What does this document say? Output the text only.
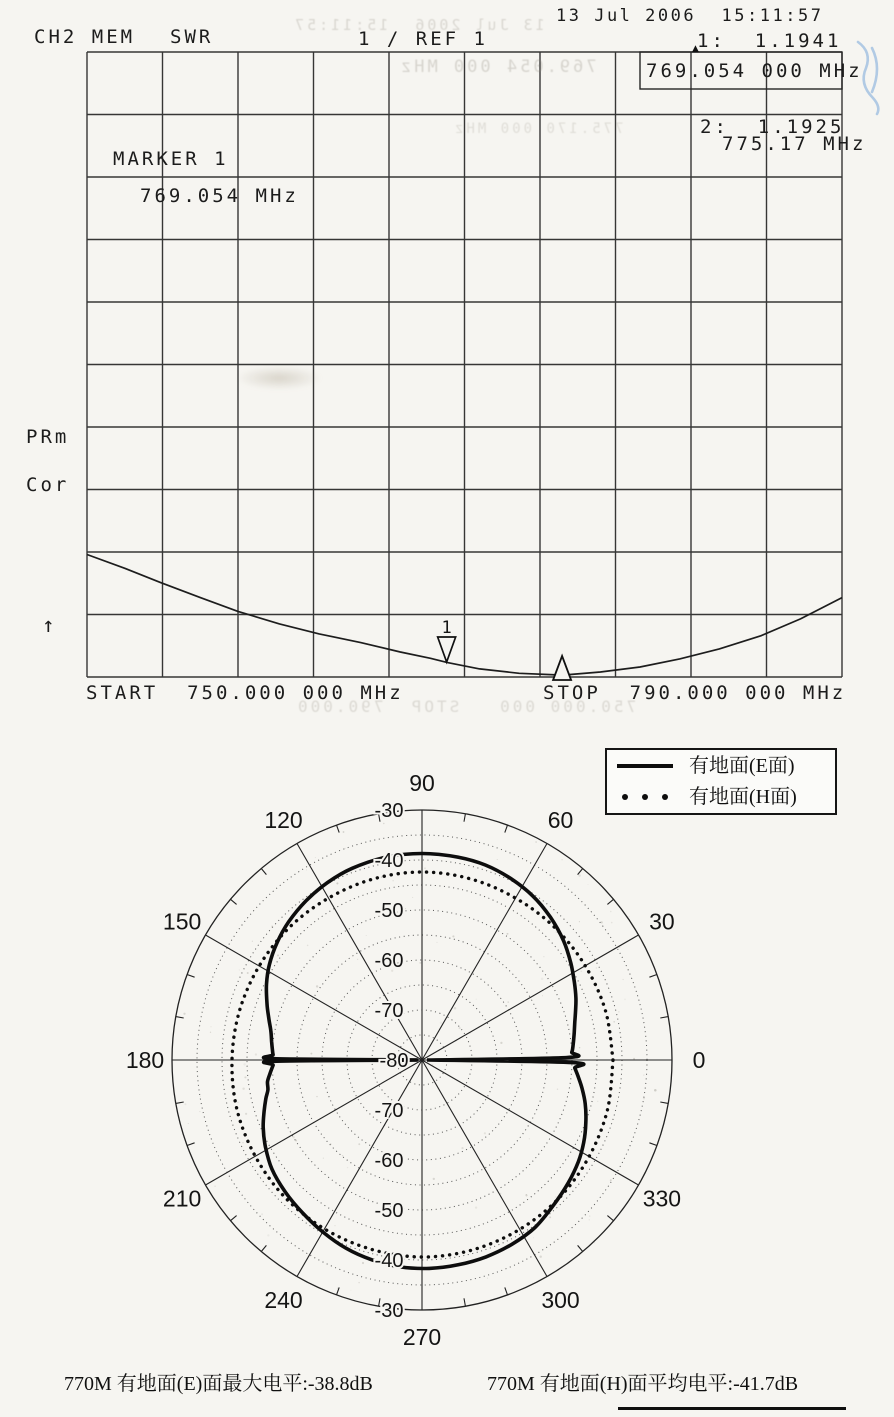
1
0
30
60
90
120
150
180
210
240
270
300
330
-30
-30
-40
-40
-50
-50
-60
-60
-70
-70
-80
13 Jul 2006  15:11:57
769.054 000 MHz
775.170 000 MHz
750.000 000   STOP  790.000
13 Jul 2006  15:11:57
CH2 MEM SWR	1 / REF 1	1:  1.1941
▲
769.054 000 MHz
2:  1.1925
775.17 MHz
MARKER 1
769.054 MHz
PRm
Cor
↑
START  750.000 000 MHz	STOP  790.000 000 MHz
有地面(E面)
有地面(H面)
770M 有地面(E)面最大电平:-38.8dB	770M 有地面(H)面平均电平:-41.7dB
